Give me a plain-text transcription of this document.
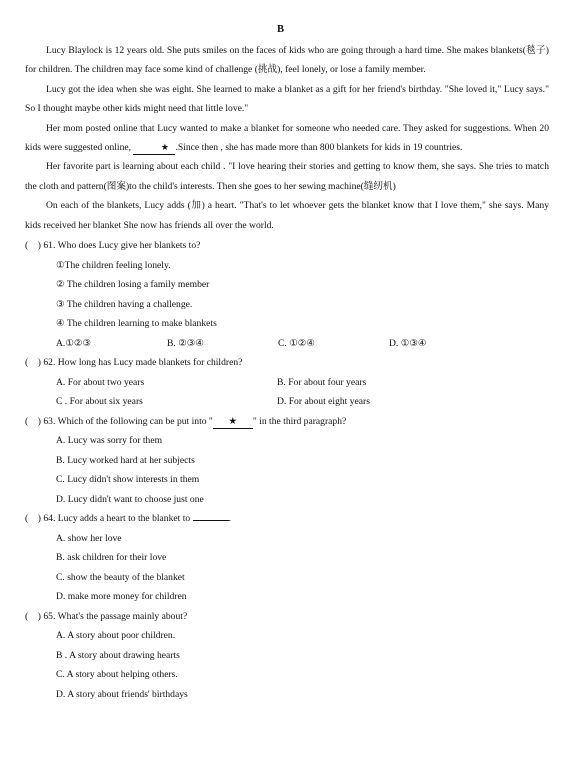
B

Lucy Blaylock is 12 years old. She puts smiles on the faces of kids who are going through a hard time. She makes blankets(毯子) for children. The children may face some kind of challenge (挑战), feel lonely, or lose a family member.

Lucy got the idea when she was eight. She learned to make a blanket as a gift for her friend's birthday. "She loved it," Lucy says." So I thought maybe other kids might need that little love."

Her mom posted online that Lucy wanted to make a blanket for someone who needed care. They asked for suggestions. When 20 kids were suggested online,	★ .Since then , she has made more than 800 blankets for kids in 19 countries.

Her favorite part is learning about each child . "I love hearing their stories and getting to know them, she says. She tries to match the cloth and pattern(图案)to the child's interests. Then she goes to her sewing machine(缝纫机)

On each of the blankets, Lucy adds (加) a heart. "That's to let whoever gets the blanket know that I love them," she says. Many kids received her blanket She now has friends all over the world.

(　) 61. Who does Lucy give her blankets to?
①The children feeling lonely.
② The children losing a family member
③ The children having a challenge.
④ The children learning to make blankets
A.①②③	B. ②③④	C. ①②④	D. ①③④
(　) 62. How long has Lucy made blankets for children?
A. For about two years	B. For about four years
C . For about six years	D. For about eight years
(　) 63. Which of the following can be put into " ★ " in the third paragraph?
A. Lucy was sorry for them
B. Lucy worked hard at her subjects
C. Lucy didn't show interests in them
D. Lucy didn't want to choose just one
(　) 64. Lucy adds a heart to the blanket to	.
A. show her love
B. ask children for their love
C. show the beauty of the blanket
D. make more money for children
(　) 65. What's the passage mainly about?
A. A story about poor children.
B . A story about drawing hearts
C. A story about helping others.
D. A story about friends' birthdays
